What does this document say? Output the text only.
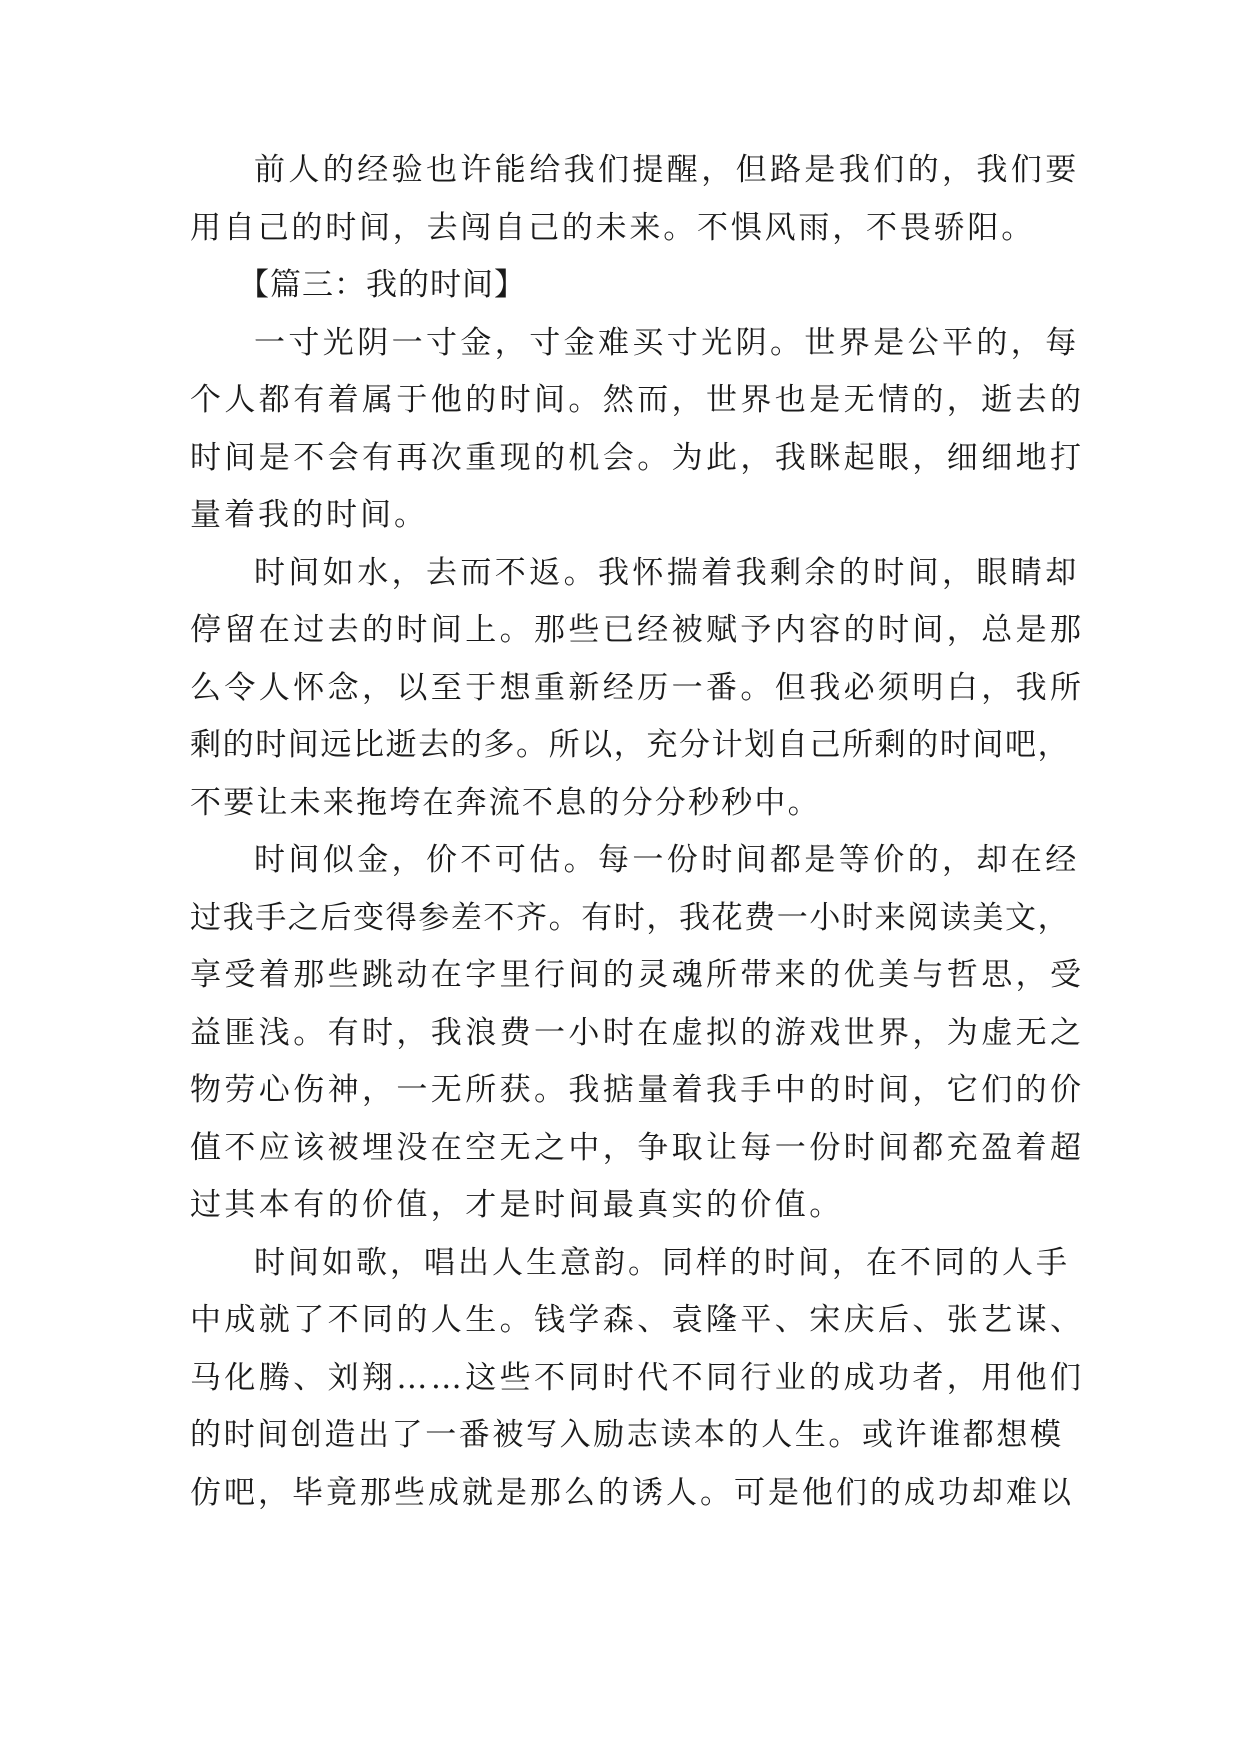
前人的经验也许能给我们提醒，但路是我们的，我们要

用自己的时间，去闯自己的未来。不惧风雨，不畏骄阳。

【篇三：我的时间】

一寸光阴一寸金，寸金难买寸光阴。世界是公平的，每

个人都有着属于他的时间。然而，世界也是无情的，逝去的

时间是不会有再次重现的机会。为此，我眯起眼，细细地打

量着我的时间。

时间如水，去而不返。我怀揣着我剩余的时间，眼睛却

停留在过去的时间上。那些已经被赋予内容的时间，总是那

么令人怀念，以至于想重新经历一番。但我必须明白，我所

剩的时间远比逝去的多。所以，充分计划自己所剩的时间吧，

不要让未来拖垮在奔流不息的分分秒秒中。

时间似金，价不可估。每一份时间都是等价的，却在经

过我手之后变得参差不齐。有时，我花费一小时来阅读美文，

享受着那些跳动在字里行间的灵魂所带来的优美与哲思，受

益匪浅。有时，我浪费一小时在虚拟的游戏世界，为虚无之

物劳心伤神，一无所获。我掂量着我手中的时间，它们的价

值不应该被埋没在空无之中，争取让每一份时间都充盈着超

过其本有的价值，才是时间最真实的价值。

时间如歌，唱出人生意韵。同样的时间，在不同的人手

中成就了不同的人生。钱学森、袁隆平、宋庆后、张艺谋、

马化腾、刘翔……这些不同时代不同行业的成功者，用他们

的时间创造出了一番被写入励志读本的人生。或许谁都想模

仿吧，毕竟那些成就是那么的诱人。可是他们的成功却难以
